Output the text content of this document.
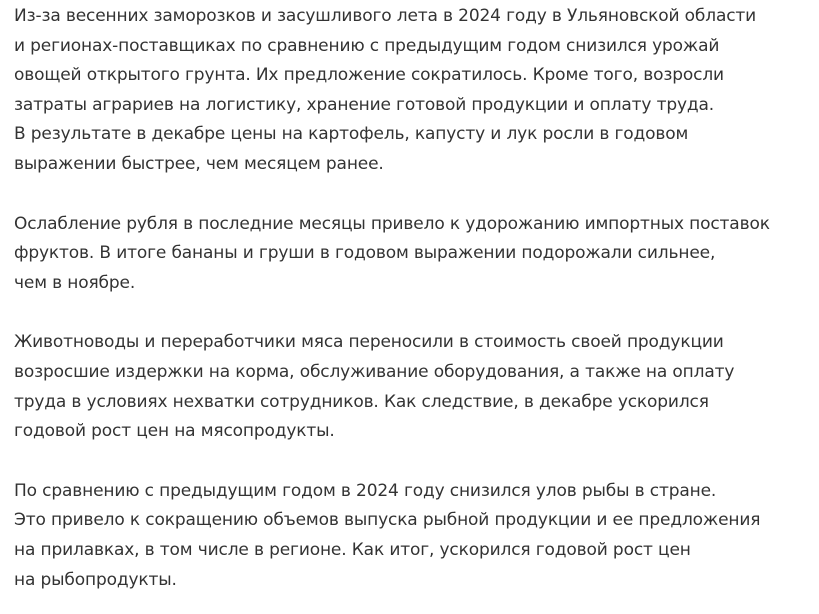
Из-за весенних заморозков и засушливого лета в 2024 году в Ульяновской области
и регионах-поставщиках по сравнению с предыдущим годом снизился урожай
овощей открытого грунта. Их предложение сократилось. Кроме того, возросли
затраты аграриев на логистику, хранение готовой продукции и оплату труда.
В результате в декабре цены на картофель, капусту и лук росли в годовом
выражении быстрее, чем месяцем ранее.

Ослабление рубля в последние месяцы привело к удорожанию импортных поставок
фруктов. В итоге бананы и груши в годовом выражении подорожали сильнее,
чем в ноябре.

Животноводы и переработчики мяса переносили в стоимость своей продукции
возросшие издержки на корма, обслуживание оборудования, а также на оплату
труда в условиях нехватки сотрудников. Как следствие, в декабре ускорился
годовой рост цен на мясопродукты.

По сравнению с предыдущим годом в 2024 году снизился улов рыбы в стране.
Это привело к сокращению объемов выпуска рыбной продукции и ее предложения
на прилавках, в том числе в регионе. Как итог, ускорился годовой рост цен
на рыбопродукты.
